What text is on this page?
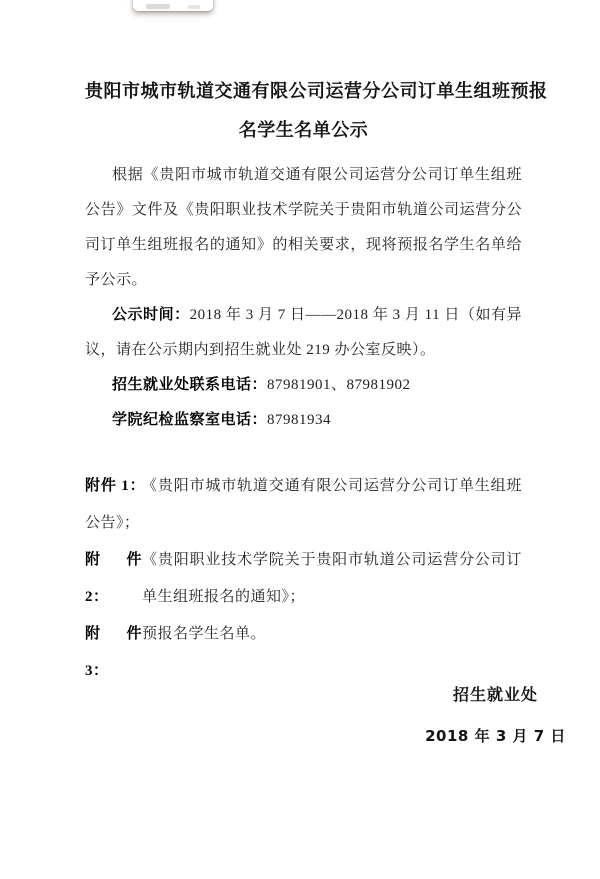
贵阳市城市轨道交通有限公司运营分公司订单生组班预报
名学生名单公示

根据《贵阳市城市轨道交通有限公司运营分公司订单生组班公告》文件及《贵阳职业技术学院关于贵阳市轨道公司运营分公司订单生组班报名的通知》的相关要求，现将预报名学生名单给予公示。

公示时间：2018 年 3 月 7 日——2018 年 3 月 11 日（如有异议，请在公示期内到招生就业处 219 办公室反映）。

招生就业处联系电话：87981901、87981902

学院纪检监察室电话：87981934

附件 1： 《贵阳市城市轨道交通有限公司运营分公司订单生组班公告》；

附件 2：
《贵阳职业技术学院关于贵阳市轨道公司运营分公司订单生组班报名的通知》；
附件 3：
预报名学生名单。
招生就业处
2018 年 3 月 7 日
